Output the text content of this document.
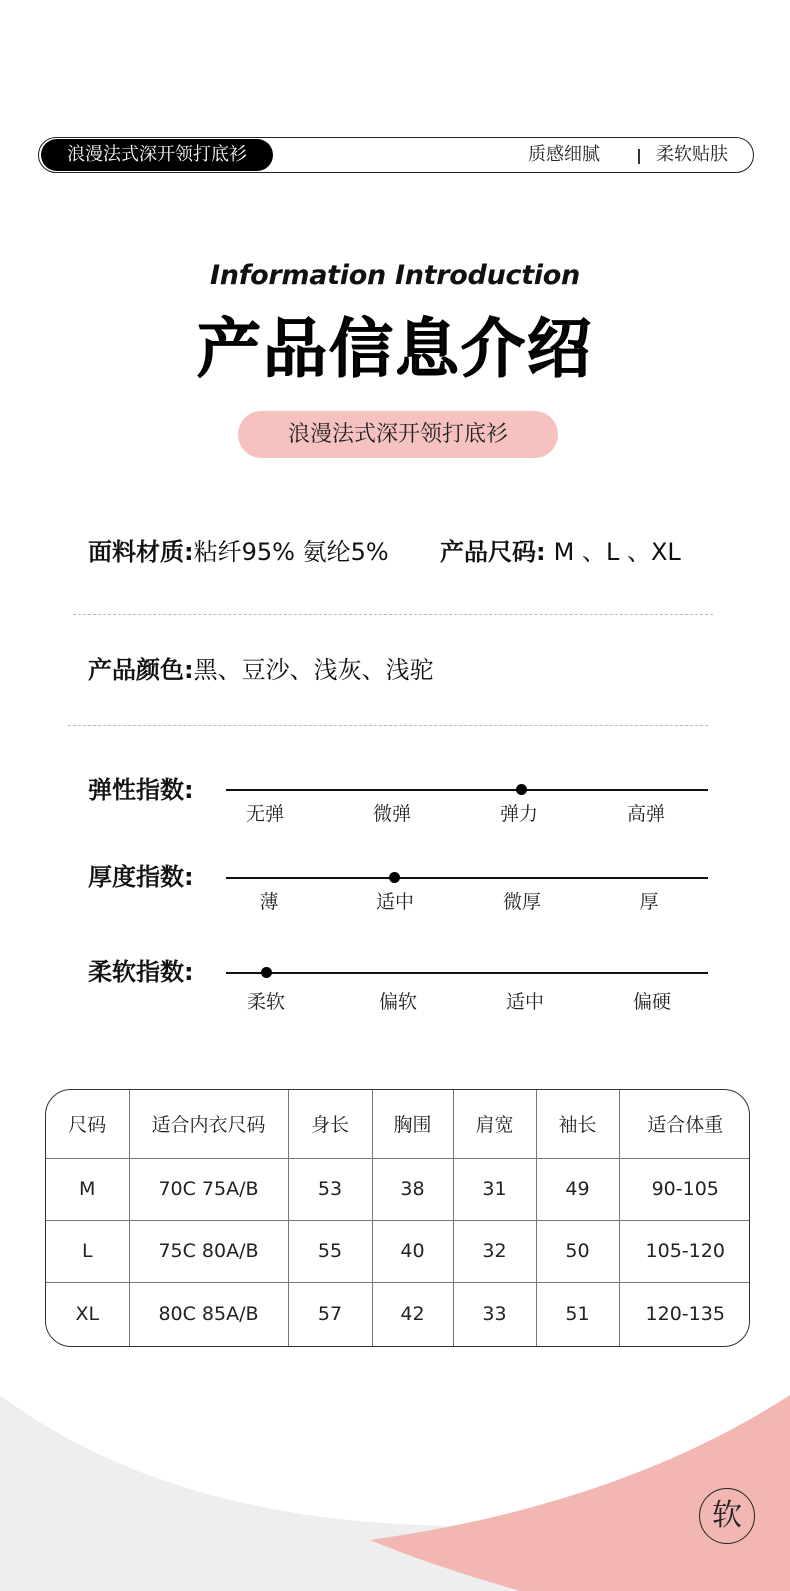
浪漫法式深开领打底衫	质感细腻	柔软贴肤
Information Introduction
产品信息介绍
浪漫法式深开领打底衫
面料材质:粘纤95% 氨纶5% 产品尺码: M 、L 、XL
产品颜色:黑、豆沙、浅灰、浅驼
弹性指数:
无弹	微弹	弹力	高弹
厚度指数:
薄	适中	微厚	厚
柔软指数:
柔软	偏软	适中	偏硬
尺码	适合内衣尺码	身长	胸围	肩宽	袖长	适合体重
M	70C 75A/B	53	38	31	49	90-105
L	75C 80A/B	55	40	32	50	105-120
XL	80C 85A/B	57	42	33	51	120-135
软
